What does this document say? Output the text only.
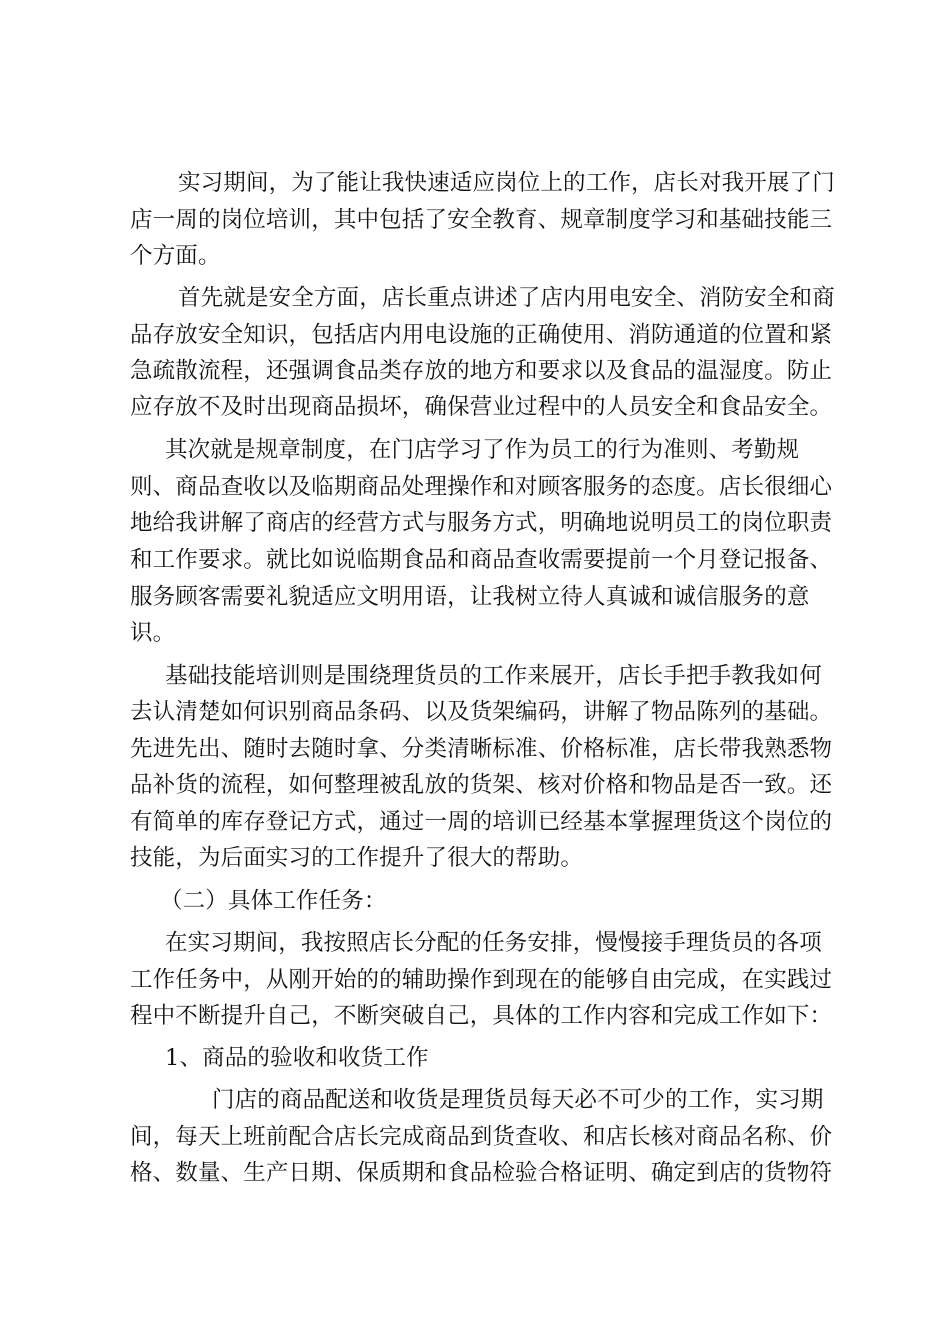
实习期间，为了能让我快速适应岗位上的工作，店长对我开展了门
店一周的岗位培训，其中包括了安全教育、规章制度学习和基础技能三
个方面。
首先就是安全方面，店长重点讲述了店内用电安全、消防安全和商
品存放安全知识，包括店内用电设施的正确使用、消防通道的位置和紧
急疏散流程，还强调食品类存放的地方和要求以及食品的温湿度。防止
应存放不及时出现商品损坏，确保营业过程中的人员安全和食品安全。
其次就是规章制度，在门店学习了作为员工的行为准则、考勤规
则、商品查收以及临期商品处理操作和对顾客服务的态度。店长很细心
地给我讲解了商店的经营方式与服务方式，明确地说明员工的岗位职责
和工作要求。就比如说临期食品和商品查收需要提前一个月登记报备、
服务顾客需要礼貌适应文明用语，让我树立待人真诚和诚信服务的意
识。
基础技能培训则是围绕理货员的工作来展开，店长手把手教我如何
去认清楚如何识别商品条码、以及货架编码，讲解了物品陈列的基础。
先进先出、随时去随时拿、分类清晰标准、价格标准，店长带我熟悉物
品补货的流程，如何整理被乱放的货架、核对价格和物品是否一致。还
有简单的库存登记方式，通过一周的培训已经基本掌握理货这个岗位的
技能，为后面实习的工作提升了很大的帮助。
（二）具体工作任务：
在实习期间，我按照店长分配的任务安排，慢慢接手理货员的各项
工作任务中，从刚开始的的辅助操作到现在的能够自由完成，在实践过
程中不断提升自己，不断突破自己，具体的工作内容和完成工作如下：
1、商品的验收和收货工作
门店的商品配送和收货是理货员每天必不可少的工作，实习期
间，每天上班前配合店长完成商品到货查收、和店长核对商品名称、价
格、数量、生产日期、保质期和食品检验合格证明、确定到店的货物符
